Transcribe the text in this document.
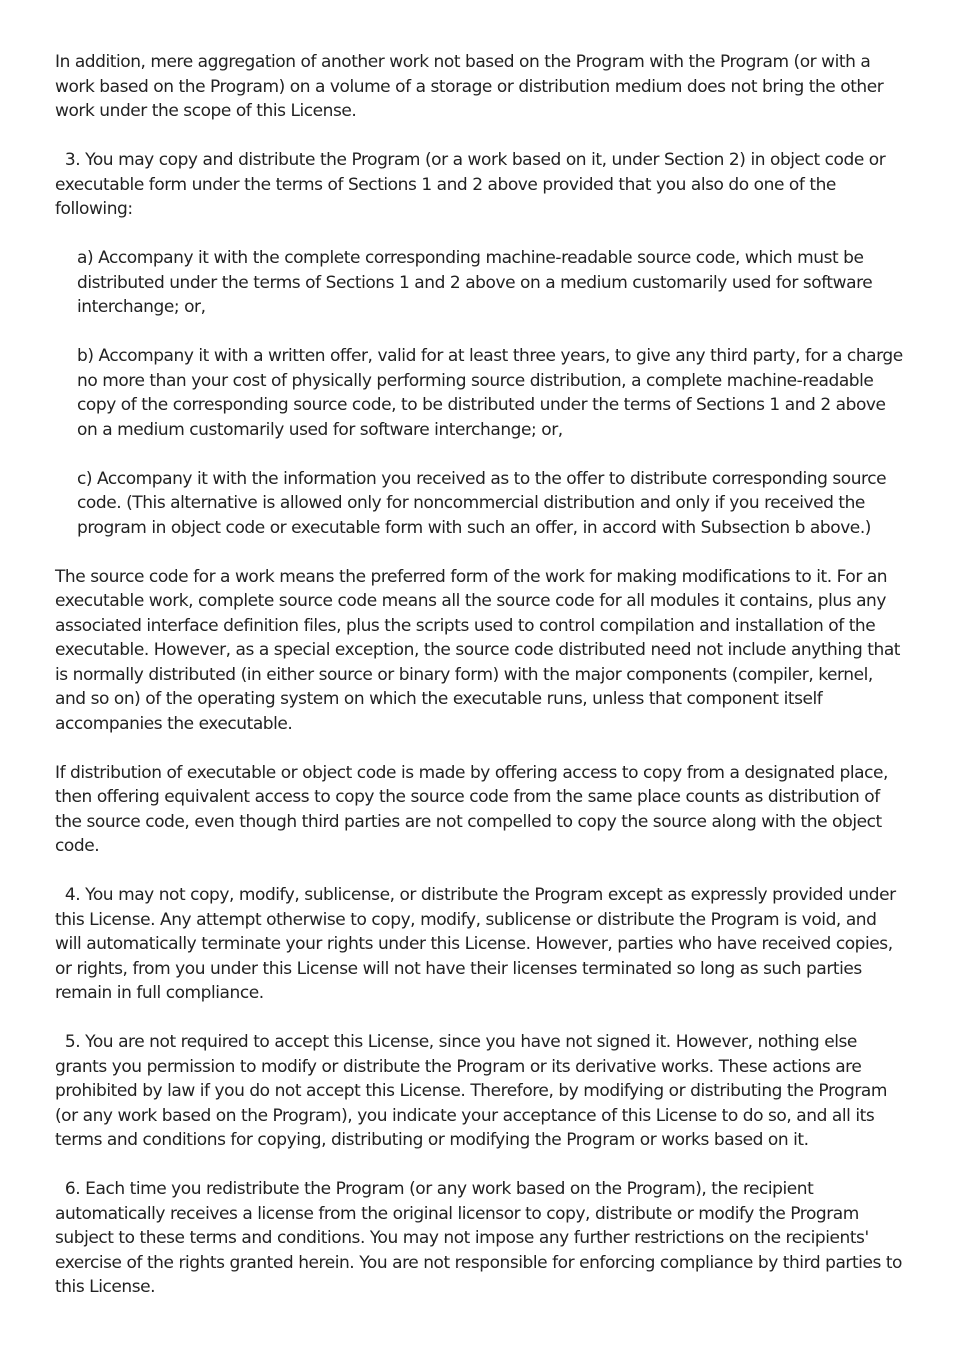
In addition, mere aggregation of another work not based on the Program with the Program (or with a work based on the Program) on a volume of a storage or distribution medium does not bring the other work under the scope of this License.

3. You may copy and distribute the Program (or a work based on it, under Section 2) in object code or executable form under the terms of Sections 1 and 2 above provided that you also do one of the following:

a) Accompany it with the complete corresponding machine-readable source code, which must be distributed under the terms of Sections 1 and 2 above on a medium customarily used for software interchange; or,

b) Accompany it with a written offer, valid for at least three years, to give any third party, for a charge no more than your cost of physically performing source distribution, a complete machine-readable copy of the corresponding source code, to be distributed under the terms of Sections 1 and 2 above on a medium customarily used for software interchange; or,

c) Accompany it with the information you received as to the offer to distribute corresponding source code. (This alternative is allowed only for noncommercial distribution and only if you received the program in object code or executable form with such an offer, in accord with Subsection b above.)

The source code for a work means the preferred form of the work for making modifications to it. For an executable work, complete source code means all the source code for all modules it contains, plus any associated interface definition files, plus the scripts used to control compilation and installation of the executable. However, as a special exception, the source code distributed need not include anything that is normally distributed (in either source or binary form) with the major components (compiler, kernel, and so on) of the operating system on which the executable runs, unless that component itself accompanies the executable.

If distribution of executable or object code is made by offering access to copy from a designated place, then offering equivalent access to copy the source code from the same place counts as distribution of the source code, even though third parties are not compelled to copy the source along with the object code.

4. You may not copy, modify, sublicense, or distribute the Program except as expressly provided under this License. Any attempt otherwise to copy, modify, sublicense or distribute the Program is void, and will automatically terminate your rights under this License. However, parties who have received copies, or rights, from you under this License will not have their licenses terminated so long as such parties remain in full compliance.

5. You are not required to accept this License, since you have not signed it. However, nothing else grants you permission to modify or distribute the Program or its derivative works. These actions are prohibited by law if you do not accept this License. Therefore, by modifying or distributing the Program (or any work based on the Program), you indicate your acceptance of this License to do so, and all its terms and conditions for copying, distributing or modifying the Program or works based on it.

6. Each time you redistribute the Program (or any work based on the Program), the recipient automatically receives a license from the original licensor to copy, distribute or modify the Program subject to these terms and conditions. You may not impose any further restrictions on the recipients' exercise of the rights granted herein. You are not responsible for enforcing compliance by third parties to this License.
